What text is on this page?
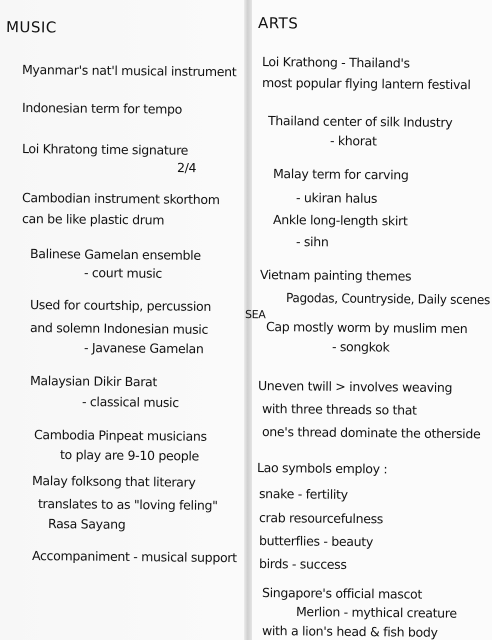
MUSIC
Myanmar's nat'l musical instrument
Indonesian term for tempo
Loi Khratong time signature
2/4
Cambodian instrument skorthom
can be like plastic drum
Balinese Gamelan ensemble
- court music
Used for courtship, percussion
and solemn Indonesian music
- Javanese Gamelan
Malaysian Dikir Barat
- classical music
Cambodia Pinpeat musicians
to play are 9-10 people
Malay folksong that literary
translates to as "loving feling"
Rasa Sayang
Accompaniment - musical support
ARTS
Loi Krathong - Thailand's
most popular flying lantern festival
Thailand center of silk Industry
- khorat
Malay term for carving
- ukiran halus
Ankle long-length skirt
- sihn
Vietnam painting themes
Pagodas, Countryside, Daily scenes
SEA
Cap mostly worm by muslim men
- songkok
Uneven twill > involves weaving
with three threads so that
one's thread dominate the otherside
Lao symbols employ :
snake - fertility
crab resourcefulness
butterflies - beauty
birds - success
Singapore's official mascot
Merlion - mythical creature
with a lion's head & fish body
